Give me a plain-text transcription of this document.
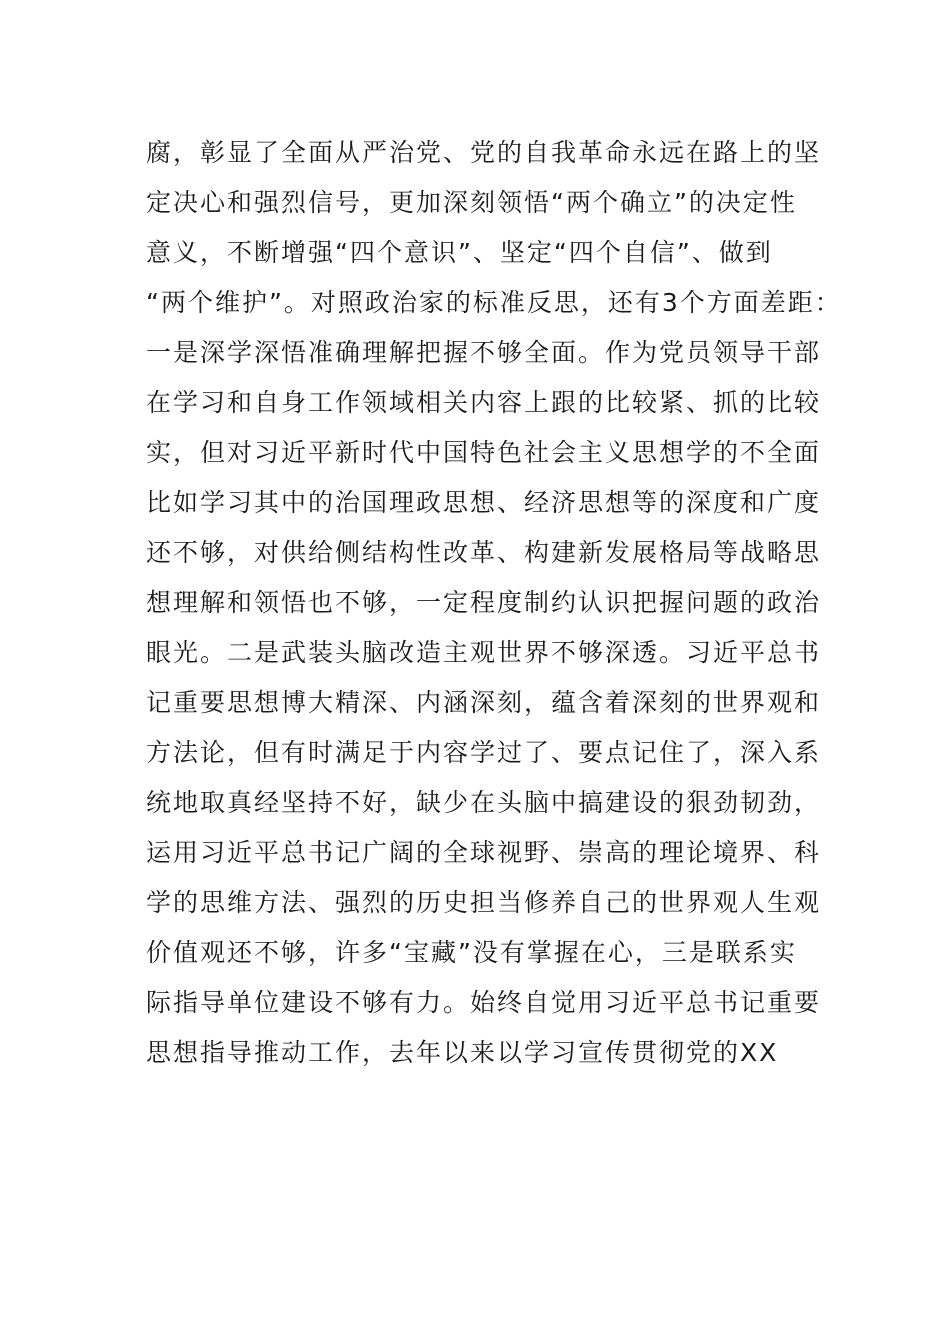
腐，彰显了全面从严治党、党的自我革命永远在路上的坚
定决心和强烈信号，更加深刻领悟“两个确立”的决定性
意义，不断增强“四个意识”、坚定“四个自信”、做到
“两个维护”。对照政治家的标准反思，还有3个方面差距：
一是深学深悟准确理解把握不够全面。作为党员领导干部
在学习和自身工作领域相关内容上跟的比较紧、抓的比较
实，但对习近平新时代中国特色社会主义思想学的不全面
比如学习其中的治国理政思想、经济思想等的深度和广度
还不够，对供给侧结构性改革、构建新发展格局等战略思
想理解和领悟也不够，一定程度制约认识把握问题的政治
眼光。二是武装头脑改造主观世界不够深透。习近平总书
记重要思想博大精深、内涵深刻，蕴含着深刻的世界观和
方法论，但有时满足于内容学过了、要点记住了，深入系
统地取真经坚持不好，缺少在头脑中搞建设的狠劲韧劲，
运用习近平总书记广阔的全球视野、崇高的理论境界、科
学的思维方法、强烈的历史担当修养自己的世界观人生观
价值观还不够，许多“宝藏”没有掌握在心，三是联系实
际指导单位建设不够有力。始终自觉用习近平总书记重要
思想指导推动工作，去年以来以学习宣传贯彻党的XX
